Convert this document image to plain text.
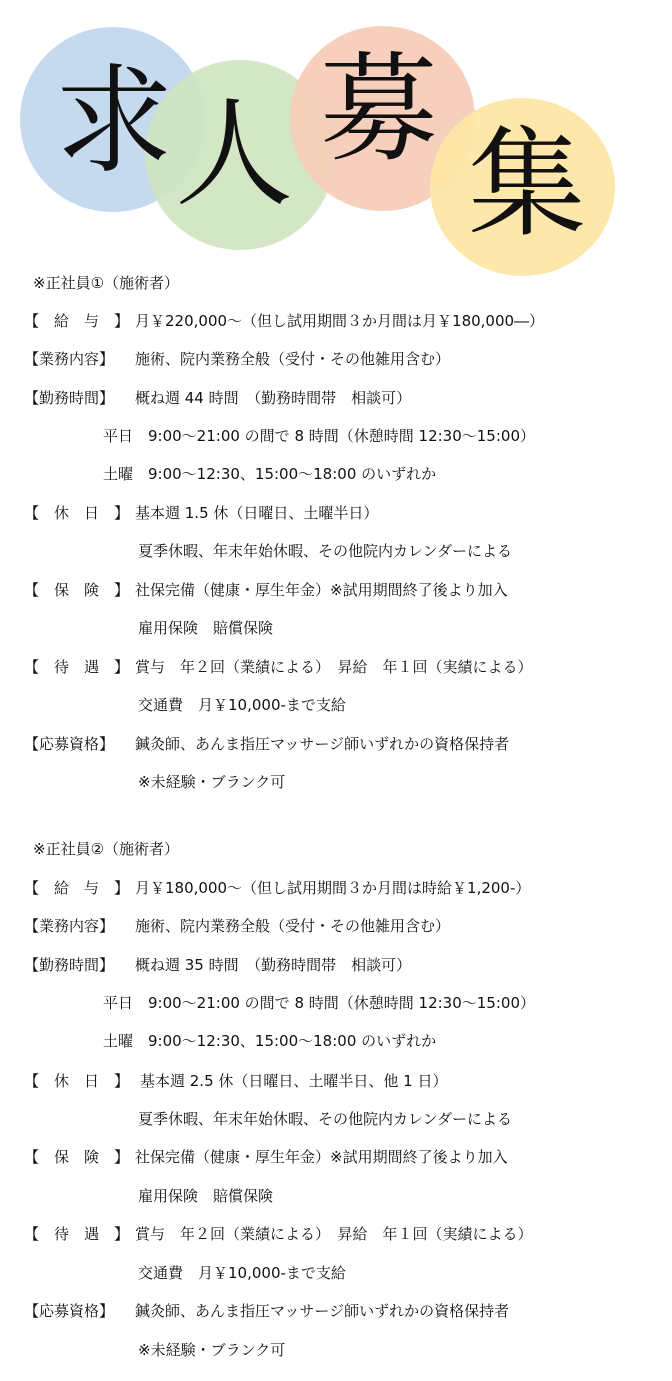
求 人 募
集
※正社員①（施術者）
【　給　与　】 月￥220,000～（但し試用期間３か月間は月￥180,000―）
【業務内容】 施術、院内業務全般（受付・その他雑用含む）
【勤務時間】 概ね週 44 時間　（勤務時間帯　相談可）
平日　9:00～21:00 の間で 8 時間（休憩時間 12:30～15:00）
土曜　9:00～12:30、15:00～18:00 のいずれか
【　休　日　】 基本週 1.5 休（日曜日、土曜半日）
夏季休暇、年末年始休暇、その他院内カレンダーによる
【　保　険　】 社保完備（健康・厚生年金）※試用期間終了後より加入
雇用保険　賠償保険
【　待　遇　】 賞与　年２回（業績による）　昇給　年１回（実績による）
交通費　月￥10,000-まで支給
【応募資格】 鍼灸師、あんま指圧マッサージ師いずれかの資格保持者
※未経験・ブランク可
※正社員②（施術者）
【　給　与　】 月￥180,000～（但し試用期間３か月間は時給￥1,200-）
【業務内容】 施術、院内業務全般（受付・その他雑用含む）
【勤務時間】 概ね週 35 時間　（勤務時間帯　相談可）
平日　9:00～21:00 の間で 8 時間（休憩時間 12:30～15:00）
土曜　9:00～12:30、15:00～18:00 のいずれか
【　休　日　】 基本週 2.5 休（日曜日、土曜半日、他 1 日）
夏季休暇、年末年始休暇、その他院内カレンダーによる
【　保　険　】 社保完備（健康・厚生年金）※試用期間終了後より加入
雇用保険　賠償保険
【　待　遇　】 賞与　年２回（業績による）　昇給　年１回（実績による）
交通費　月￥10,000-まで支給
【応募資格】 鍼灸師、あんま指圧マッサージ師いずれかの資格保持者
※未経験・ブランク可
